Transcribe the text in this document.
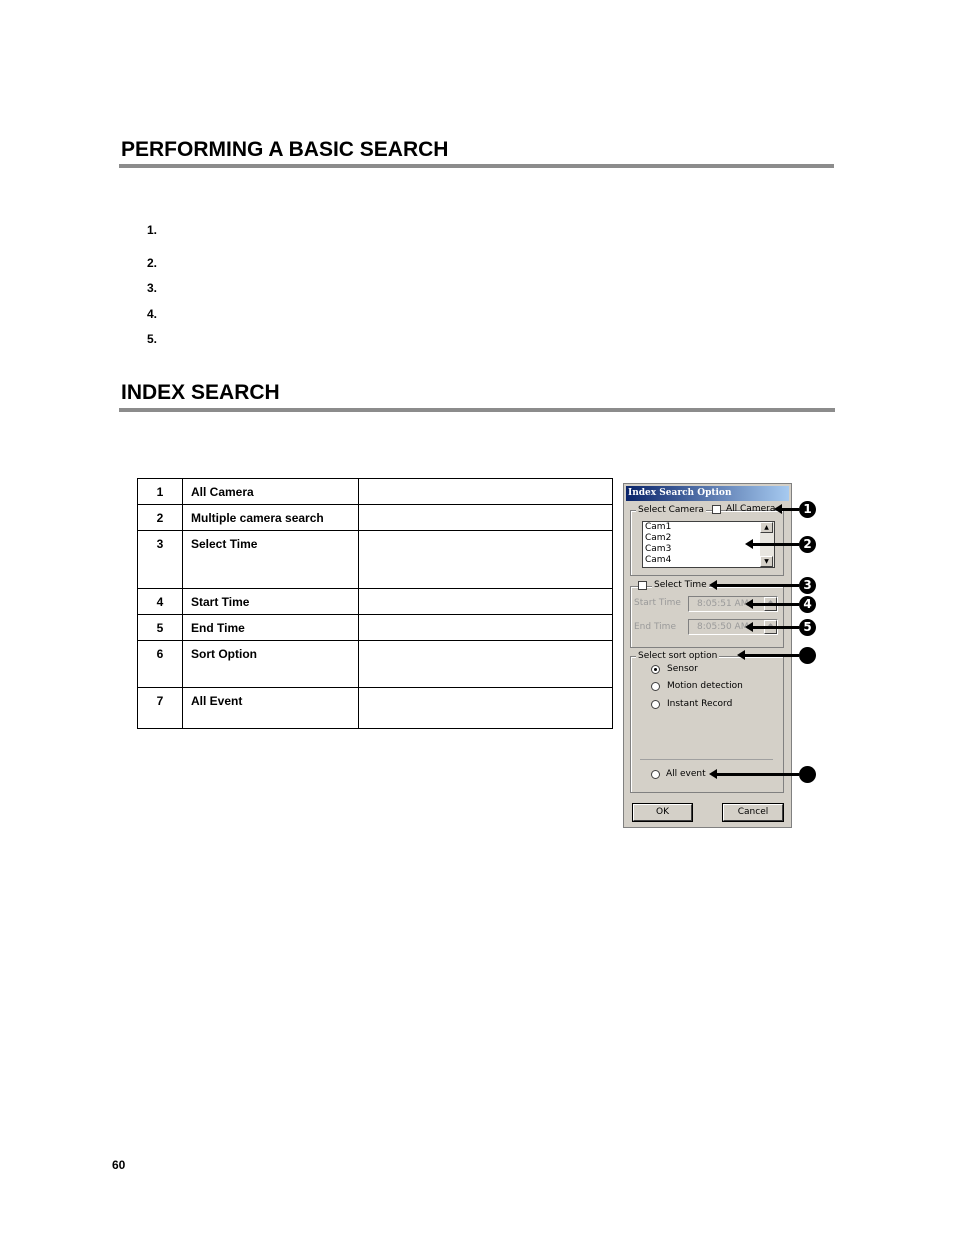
PERFORMING A BASIC SEARCH
1.
2.
3.
4.
5.
INDEX SEARCH
1	All Camera	
2	Multiple camera search	
3	Select Time	
4	Start Time	
5	End Time	
6	Sort Option	
7	All Event	
Index Search Option
Select Camera All Camera
Cam1
Cam2
Cam3
Cam4
▲
▼
Select Time
Start Time	8:05:51 AM
End Time	8:05:50 AM
Select sort option
Sensor
Motion detection
Instant Record
All event
OK	Cancel
1
2
3
4
5
60
